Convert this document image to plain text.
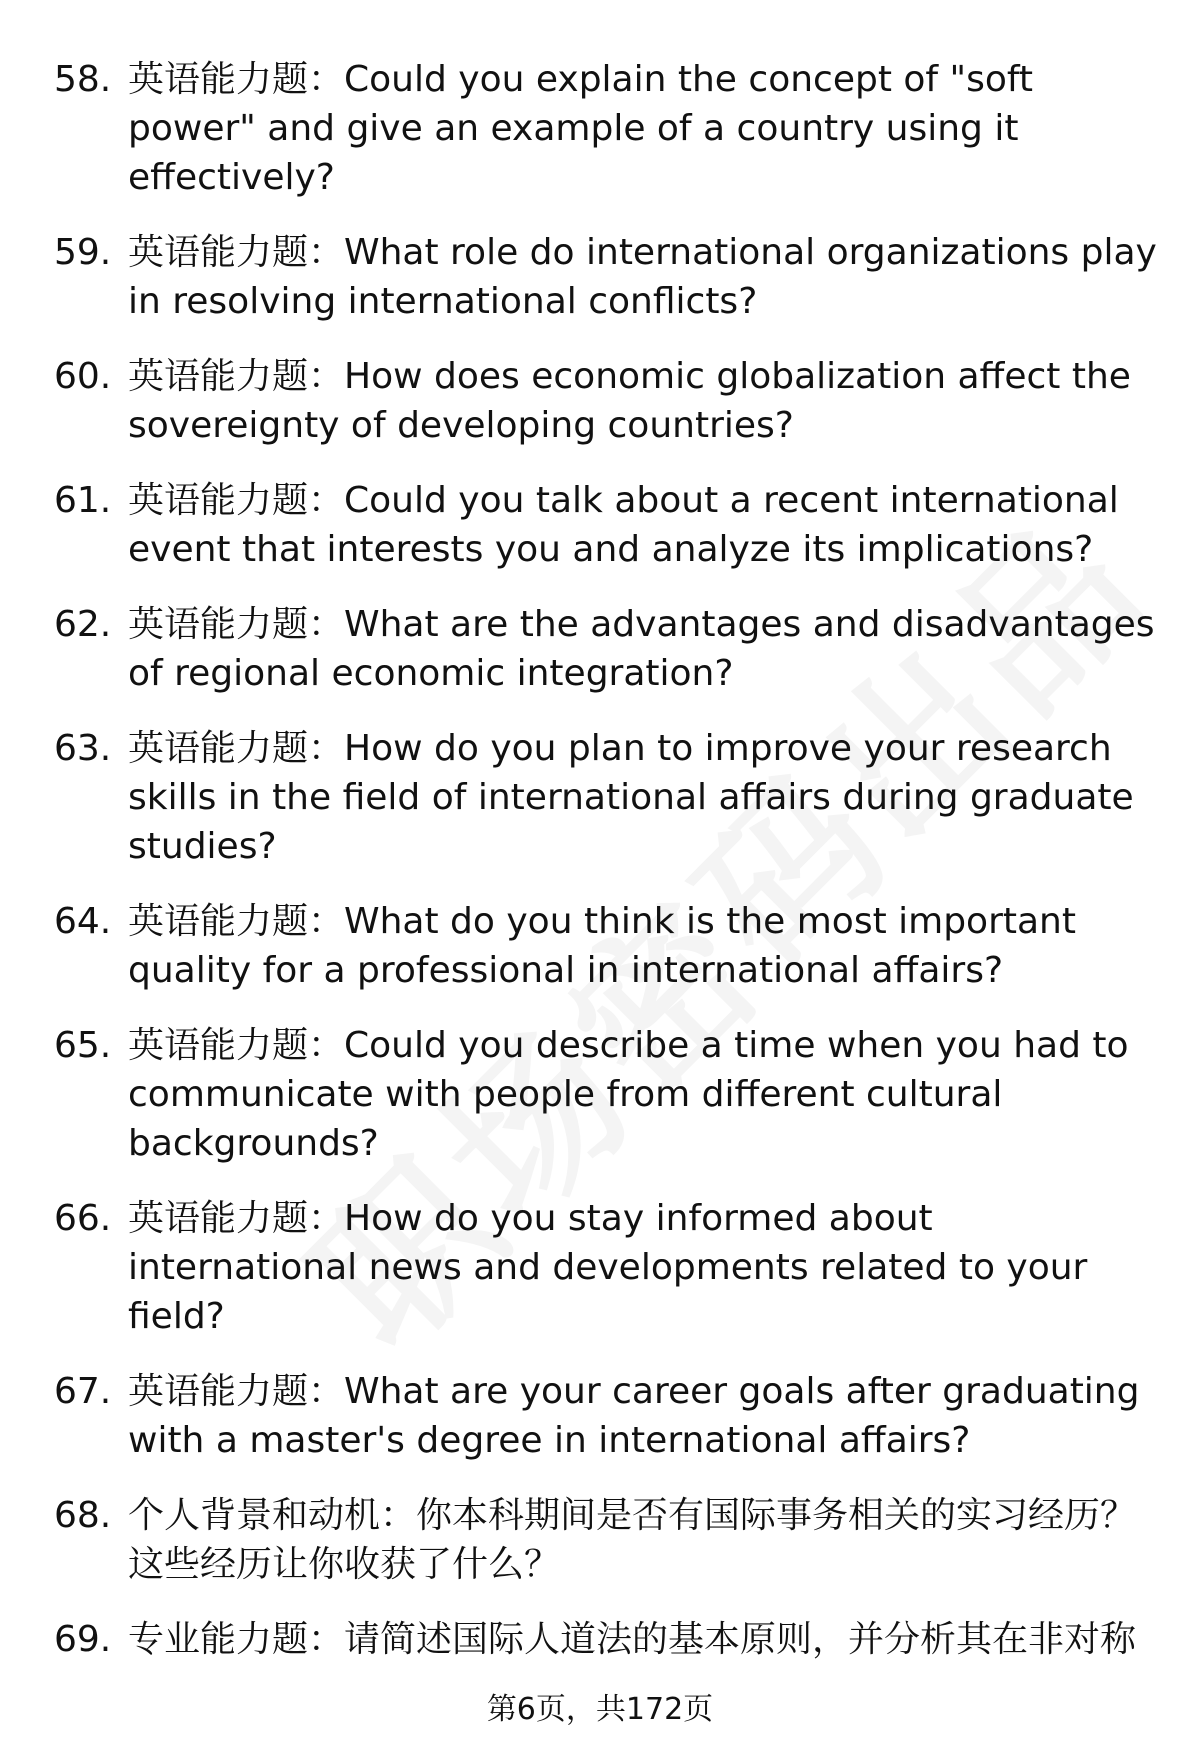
58. 英语能力题：Could you explain the concept of "soft power" and give an example of a country using it effectively?
59. 英语能力题：What role do international organizations play in resolving international conflicts?
60. 英语能力题：How does economic globalization affect the sovereignty of developing countries?
61. 英语能力题：Could you talk about a recent international event that interests you and analyze its implications?
62. 英语能力题：What are the advantages and disadvantages of regional economic integration?
63. 英语能力题：How do you plan to improve your research skills in the field of international affairs during graduate studies?
64. 英语能力题：What do you think is the most important quality for a professional in international affairs?
65. 英语能力题：Could you describe a time when you had to communicate with people from different cultural backgrounds?
66. 英语能力题：How do you stay informed about international news and developments related to your field?
67. 英语能力题：What are your career goals after graduating with a master's degree in international affairs?
68. 个人背景和动机：你本科期间是否有国际事务相关的实习经历？这些经历让你收获了什么？
69. 专业能力题：请简述国际人道法的基本原则，并分析其在非对称
第6页，共172页
